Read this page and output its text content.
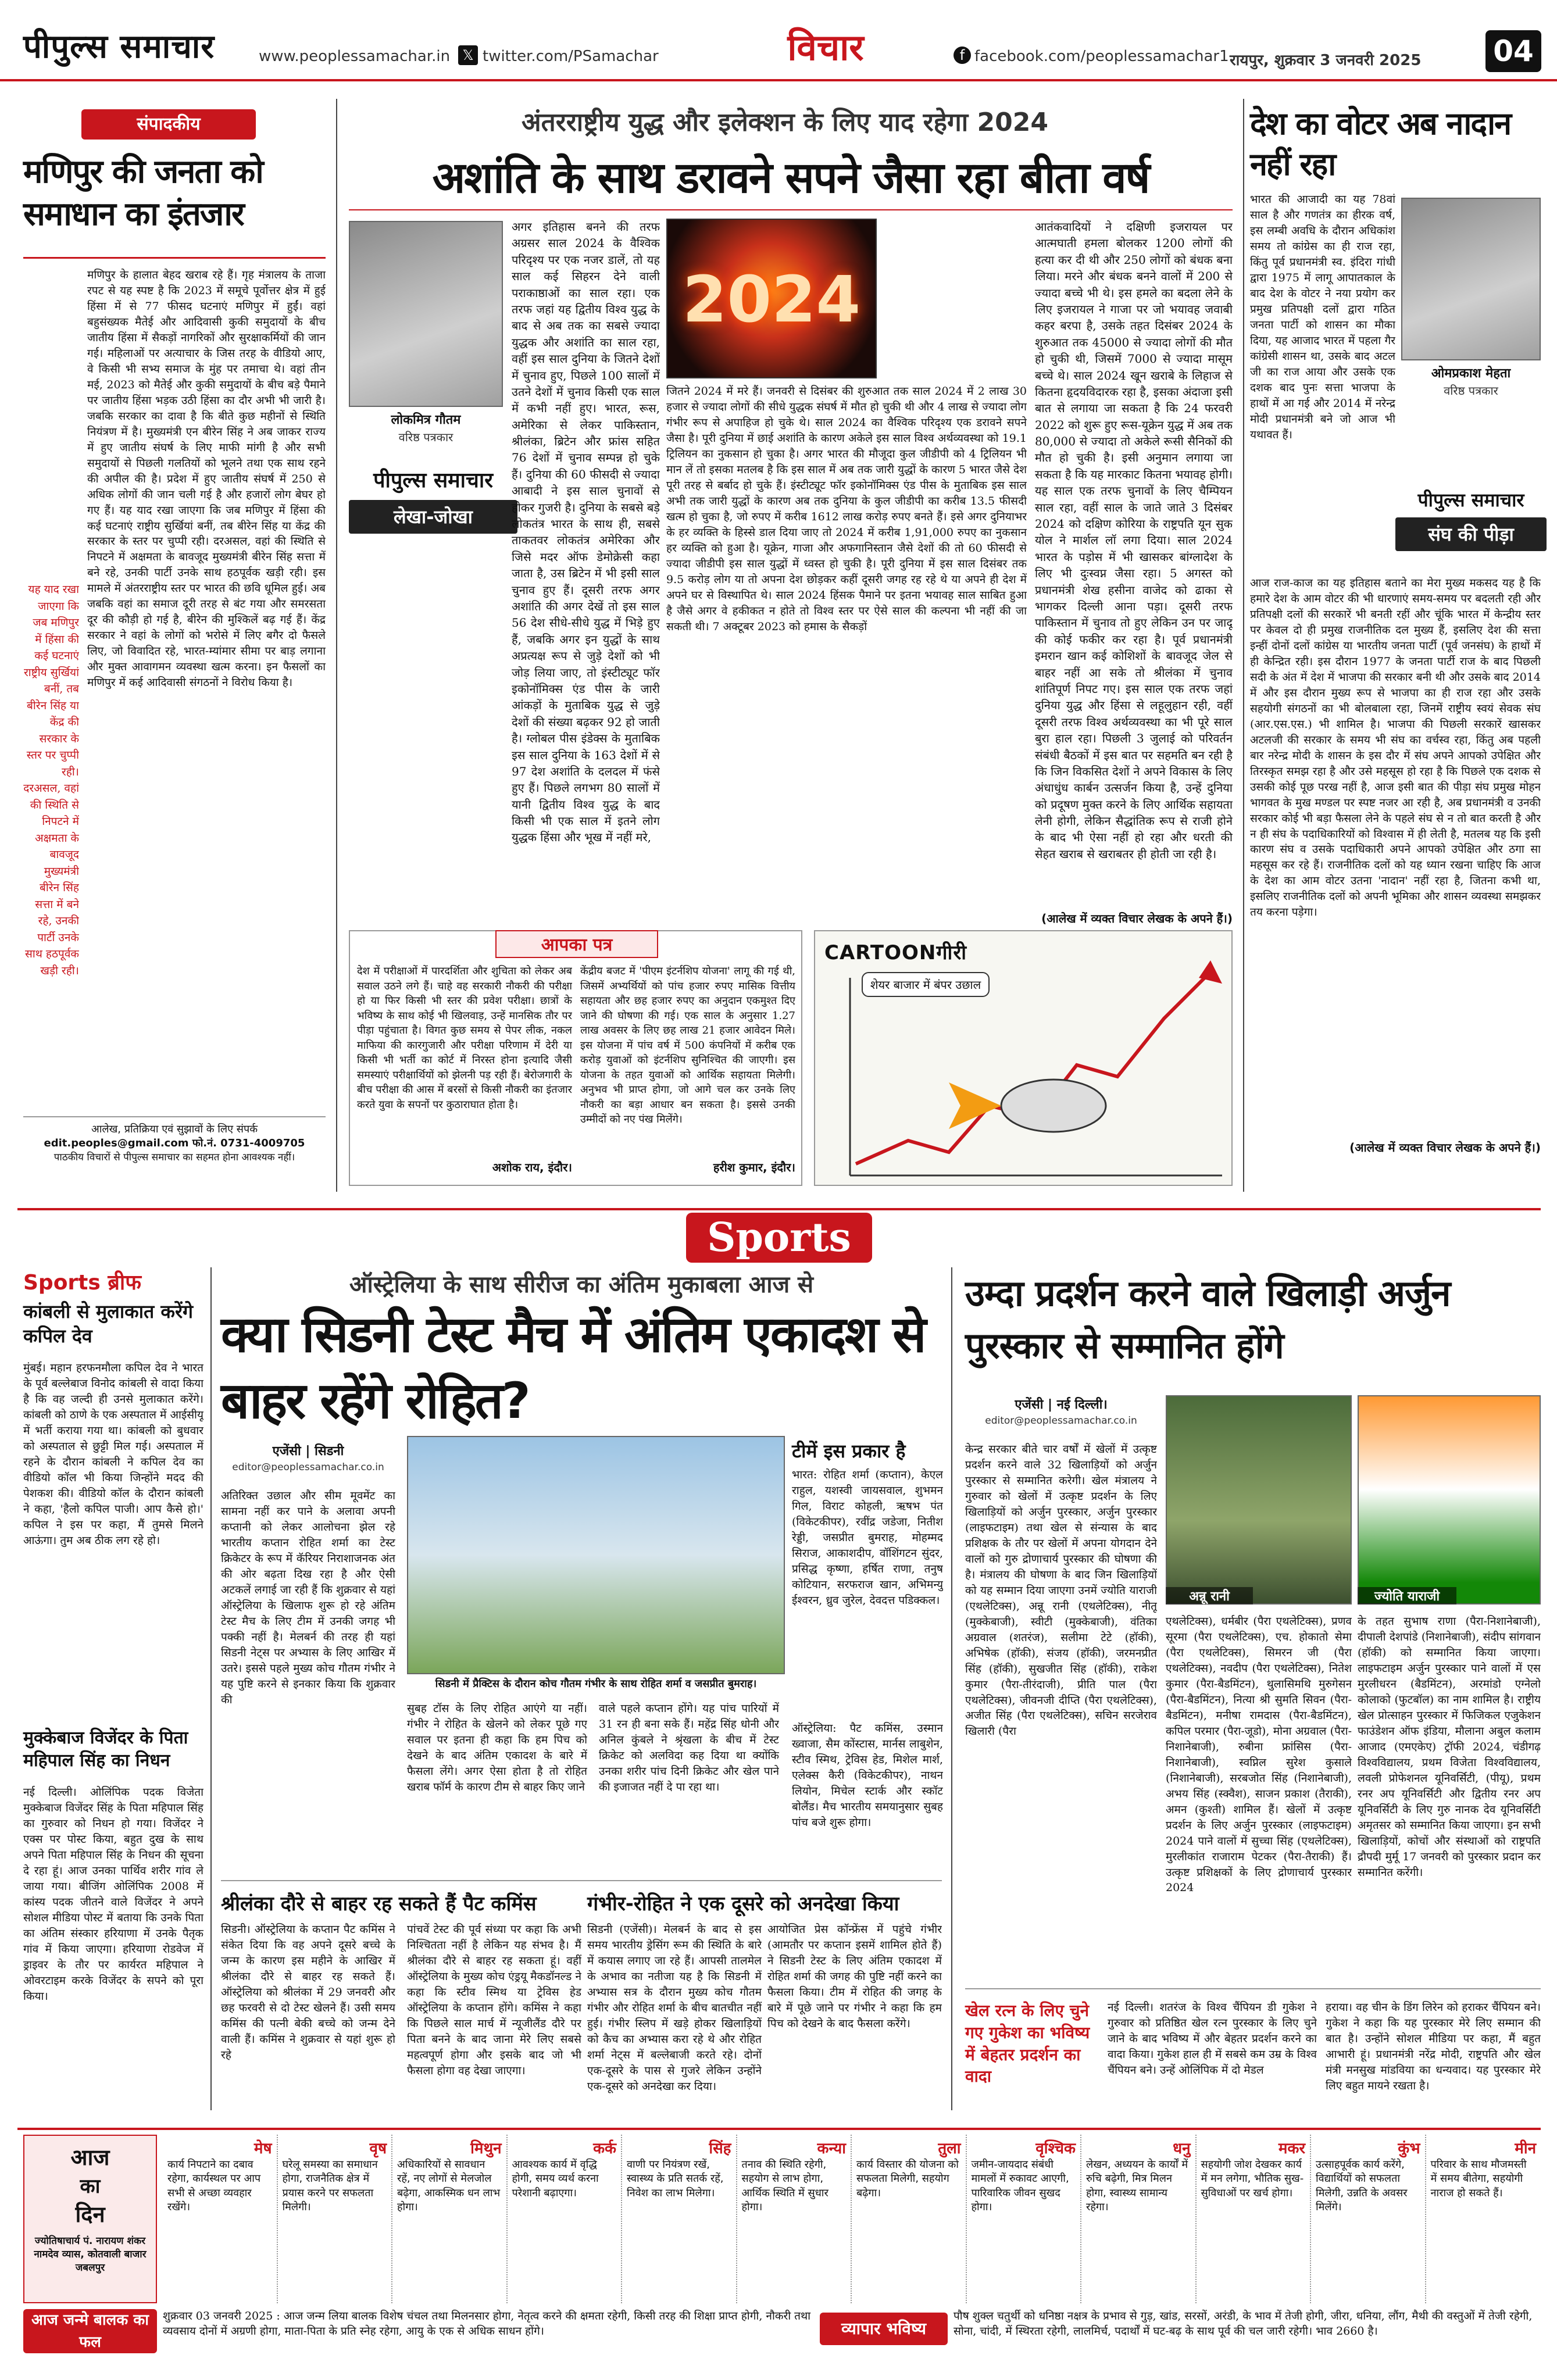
पीपुल्स समाचार	www.peoplessamachar.in 𝕏 twitter.com/PSamachar	विचार	f facebook.com/peoplessamachar1 रायपुर, शुक्रवार 3 जनवरी 2025 04
संपादकीय
मणिपुर की जनता को समाधान का इंतजार
मणिपुर के हालात बेहद खराब रहे हैं। गृह मंत्रालय के ताजा रपट से यह स्पष्ट है कि 2023 में समूचे पूर्वोत्तर क्षेत्र में हुई हिंसा में से 77 फीसद घटनाएं मणिपुर में हुईं। वहां बहुसंख्यक मैतेई और आदिवासी कुकी समुदायों के बीच जातीय हिंसा में सैकड़ों नागरिकों और सुरक्षाकर्मियों की जान गई। महिलाओं पर अत्याचार के जिस तरह के वीडियो आए, वे किसी भी सभ्य समाज के मुंह पर तमाचा थे। वहां तीन मई, 2023 को मैतेई और कुकी समुदायों के बीच बड़े पैमाने पर जातीय हिंसा भड़क उठी हिंसा का दौर अभी भी जारी है। जबकि सरकार का दावा है कि बीते कुछ महीनों से स्थिति नियंत्रण में है। मुख्यमंत्री एन बीरेन सिंह ने अब जाकर राज्य में हुए जातीय संघर्ष के लिए माफी मांगी है और सभी समुदायों से पिछली गलतियों को भूलने तथा एक साथ रहने की अपील की है। प्रदेश में हुए जातीय संघर्ष में 250 से अधिक लोगों की जान चली गई है और हजारों लोग बेघर हो गए हैं। यह याद रखा जाएगा कि जब मणिपुर में हिंसा की कई घटनाएं राष्ट्रीय सुर्खियां बनीं, तब बीरेन सिंह या केंद्र की सरकार के स्तर पर चुप्पी रही। दरअसल, वहां की स्थिति से निपटने में अक्षमता के बावजूद मुख्यमंत्री बीरेन सिंह सत्ता में बने रहे, उनकी पार्टी उनके साथ हठपूर्वक खड़ी रही। इस मामले में अंतरराष्ट्रीय स्तर पर भारत की छवि धूमिल हुई। अब जबकि वहां का समाज दूरी तरह से बंट गया और समरसता दूर की कौड़ी हो गई है, बीरेन की मुश्किलें बढ़ गई हैं। केंद्र सरकार ने वहां के लोगों को भरोसे में लिए बगैर दो फैसले लिए, जो विवादित रहे, भारत-म्यांमार सीमा पर बाड़ लगाना और मुक्त आवागमन व्यवस्था खत्म करना। इन फैसलों का मणिपुर में कई आदिवासी संगठनों ने विरोध किया है।
यह याद रखा जाएगा कि जब मणिपुर में हिंसा की कई घटनाएं राष्ट्रीय सुर्खियां बनीं, तब बीरेन सिंह या केंद्र की सरकार के स्तर पर चुप्पी रही। दरअसल, वहां की स्थिति से निपटने में अक्षमता के बावजूद मुख्यमंत्री बीरेन सिंह सत्ता में बने रहे, उनकी पार्टी उनके साथ हठपूर्वक खड़ी रही।
आलेख, प्रतिक्रिया एवं सुझावों के लिए संपर्क
edit.peoples@gmail.com फो.नं. 0731-4009705
पाठकीय विचारों से पीपुल्स समाचार का सहमत होना आवश्यक नहीं।
अंतरराष्ट्रीय युद्ध और इलेक्शन के लिए याद रहेगा 2024
अशांति के साथ डरावने सपने जैसा रहा बीता वर्ष
लोकमित्र गौतम
वरिष्ठ पत्रकार
पीपुल्स समाचार
लेखा-जोखा
अगर इतिहास बनने की तरफ अग्रसर साल 2024 के वैश्विक परिदृश्य पर एक नजर डालें, तो यह साल कई सिहरन देने वाली पराकाष्ठाओं का साल रहा। एक तरफ जहां यह द्वितीय विश्व युद्ध के बाद से अब तक का सबसे ज्यादा युद्धक और अशांति का साल रहा, वहीं इस साल दुनिया के जितने देशों में चुनाव हुए, पिछले 100 सालों में उतने देशों में चुनाव किसी एक साल में कभी नहीं हुए। भारत, रूस, अमेरिका से लेकर पाकिस्तान, श्रीलंका, ब्रिटेन और फ्रांस सहित 76 देशों में चुनाव सम्पन्न हो चुके हैं। दुनिया की 60 फीसदी से ज्यादा आबादी ने इस साल चुनावों से होकर गुजरी है। दुनिया के सबसे बड़े लोकतंत्र भारत के साथ ही, सबसे ताकतवर लोकतंत्र अमेरिका और जिसे मदर ऑफ डेमोक्रेसी कहा जाता है, उस ब्रिटेन में भी इसी साल चुनाव हुए हैं। दूसरी तरफ अगर अशांति की अगर देखें तो इस साल 56 देश सीधे-सीधे युद्ध में भिड़े हुए हैं, जबकि अगर इन युद्धों के साथ अप्रत्यक्ष रूप से जुड़े देशों को भी जोड़ लिया जाए, तो इंस्टीट्यूट फॉर इकोनॉमिक्स एंड पीस के जारी आंकड़ों के मुताबिक युद्ध से जुड़े देशों की संख्या बढ़कर 92 हो जाती है। ग्लोबल पीस इंडेक्स के मुताबिक इस साल दुनिया के 163 देशों में से 97 देश अशांति के दलदल में फंसे हुए हैं। पिछले लगभग 80 सालों में यानी द्वितीय विश्व युद्ध के बाद किसी भी एक साल में इतने लोग युद्धक हिंसा और भूख में नहीं मरे,
2024
जितने 2024 में मरे हैं। जनवरी से दिसंबर की शुरुआत तक साल 2024 में 2 लाख 30 हजार से ज्यादा लोगों की सीधे युद्धक संघर्ष में मौत हो चुकी थी और 4 लाख से ज्यादा लोग गंभीर रूप से अपाहिज हो चुके थे। साल 2024 का वैश्विक परिदृश्य एक डरावने सपने जैसा है। पूरी दुनिया में छाई अशांति के कारण अकेले इस साल विश्व अर्थव्यवस्था को 19.1 ट्रिलियन का नुकसान हो चुका है। अगर भारत की मौजूदा कुल जीडीपी को 4 ट्रिलियन भी मान लें तो इसका मतलब है कि इस साल में अब तक जारी युद्धों के कारण 5 भारत जैसे देश पूरी तरह से बर्बाद हो चुके हैं। इंस्टीट्यूट फॉर इकोनॉमिक्स एंड पीस के मुताबिक इस साल अभी तक जारी युद्धों के कारण अब तक दुनिया के कुल जीडीपी का करीब 13.5 फीसदी खत्म हो चुका है, जो रुपए में करीब 1612 लाख करोड़ रुपए बनते हैं। इसे अगर दुनियाभर के हर व्यक्ति के हिस्से डाल दिया जाए तो 2024 में करीब 1,91,000 रुपए का नुकसान हर व्यक्ति को हुआ है। यूक्रेन, गाजा और अफगानिस्तान जैसे देशों की तो 60 फीसदी से ज्यादा जीडीपी इस साल युद्धों में ध्वस्त हो चुकी है। पूरी दुनिया में इस साल दिसंबर तक 9.5 करोड़ लोग या तो अपना देश छोड़कर कहीं दूसरी जगह रह रहे थे या अपने ही देश में अपने घर से विस्थापित थे। साल 2024 हिंसक पैमाने पर इतना भयावह साल साबित हुआ है जैसे अगर वे हकीकत न होते तो विश्व स्तर पर ऐसे साल की कल्पना भी नहीं की जा सकती थी। 7 अक्टूबर 2023 को हमास के सैकड़ों
आतंकवादियों ने दक्षिणी इजरायल पर आत्मघाती हमला बोलकर 1200 लोगों की हत्या कर दी थी और 250 लोगों को बंधक बना लिया। मरने और बंधक बनने वालों में 200 से ज्यादा बच्चे भी थे। इस हमले का बदला लेने के लिए इजरायल ने गाजा पर जो भयावह जवाबी कहर बरपा है, उसके तहत दिसंबर 2024 के शुरुआत तक 45000 से ज्यादा लोगों की मौत हो चुकी थी, जिसमें 7000 से ज्यादा मासूम बच्चे थे। साल 2024 खून खराबे के लिहाज से कितना हृदयविदारक रहा है, इसका अंदाजा इसी बात से लगाया जा सकता है कि 24 फरवरी 2022 को शुरू हुए रूस-यूक्रेन युद्ध में अब तक 80,000 से ज्यादा तो अकेले रूसी सैनिकों की मौत हो चुकी है। इसी अनुमान लगाया जा सकता है कि यह मारकाट कितना भयावह होगी। यह साल एक तरफ चुनावों के लिए चैम्पियन साल रहा, वहीं साल के जाते जाते 3 दिसंबर 2024 को दक्षिण कोरिया के राष्ट्रपति यून सुक योल ने मार्शल लॉ लगा दिया। साल 2024 भारत के पड़ोस में भी खासकर बांग्लादेश के लिए भी दुःस्वप्न जैसा रहा। 5 अगस्त को प्रधानमंत्री शेख हसीना वाजेद को ढाका से भागकर दिल्ली आना पड़ा। दूसरी तरफ पाकिस्तान में चुनाव तो हुए लेकिन उन पर जादू की कोई फकीर कर रहा है। पूर्व प्रधानमंत्री इमरान खान कई कोशिशों के बावजूद जेल से बाहर नहीं आ सके तो श्रीलंका में चुनाव शांतिपूर्ण निपट गए। इस साल एक तरफ जहां दुनिया युद्ध और हिंसा से लहूलुहान रही, वहीं दूसरी तरफ विश्व अर्थव्यवस्था का भी पूरे साल बुरा हाल रहा। पिछली 3 जुलाई को परिवर्तन संबंधी बैठकों में इस बात पर सहमति बन रही है कि जिन विकसित देशों ने अपने विकास के लिए अंधाधुंध कार्बन उत्सर्जन किया है, उन्हें दुनिया को प्रदूषण मुक्त करने के लिए आर्थिक सहायता लेनी होगी, लेकिन सैद्धांतिक रूप से राजी होने के बाद भी ऐसा नहीं हो रहा और धरती की सेहत खराब से खराबतर ही होती जा रही है।
(आलेख में व्यक्त विचार लेखक के अपने हैं।)
देश का वोटर अब नादान नहीं रहा
भारत की आजादी का यह 78वां साल है और गणतंत्र का हीरक वर्ष, इस लम्बी अवधि के दौरान अधिकांश समय तो कांग्रेस का ही राज रहा, किंतु पूर्व प्रधानमंत्री स्व. इंदिरा गांधी द्वारा 1975 में लागू आपातकाल के बाद देश के वोटर ने नया प्रयोग कर प्रमुख प्रतिपक्षी दलों द्वारा गठित जनता पार्टी को शासन का मौका दिया, यह आजाद भारत में पहला गैर कांग्रेसी शासन था, उसके बाद अटल जी का राज आया और उसके एक दशक बाद पुनः सत्ता भाजपा के हाथों में आ गई और 2014 में नरेन्द्र मोदी प्रधानमंत्री बने जो आज भी यथावत हैं।
ओमप्रकाश मेहता
वरिष्ठ पत्रकार
पीपुल्स समाचार
संघ की पीड़ा
आज राज-काज का यह इतिहास बताने का मेरा मुख्य मकसद यह है कि हमारे देश के आम वोटर की भी धारणाएं समय-समय पर बदलती रही और प्रतिपक्षी दलों की सरकारें भी बनती रहीं और चूंकि भारत में केन्द्रीय स्तर पर केवल दो ही प्रमुख राजनीतिक दल मुख्य हैं, इसलिए देश की सत्ता इन्हीं दोनों दलों कांग्रेस या भारतीय जनता पार्टी (पूर्व जनसंघ) के हाथों में ही केन्द्रित रही। इस दौरान 1977 के जनता पार्टी राज के बाद पिछली सदी के अंत में देश में भाजपा की सरकार बनी थी और उसके बाद 2014 में और इस दौरान मुख्य रूप से भाजपा का ही राज रहा और उसके सहयोगी संगठनों का भी बोलबाला रहा, जिनमें राष्ट्रीय स्वयं सेवक संघ (आर.एस.एस.) भी शामिल है। भाजपा की पिछली सरकारें खासकर अटलजी की सरकार के समय भी संघ का वर्चस्व रहा, किंतु अब पहली बार नरेन्द्र मोदी के शासन के इस दौर में संघ अपने आपको उपेक्षित और तिरस्कृत समझ रहा है और उसे महसूस हो रहा है कि पिछले एक दशक से उसकी कोई पूछ परख नहीं है, आज इसी बात की पीड़ा संघ प्रमुख मोहन भागवत के मुख मण्डल पर स्पष्ट नजर आ रही है, अब प्रधानमंत्री व उनकी सरकार कोई भी बड़ा फैसला लेने के पहले संघ से न तो बात करती है और न ही संघ के पदाधिकारियों को विश्वास में ही लेती है, मतलब यह कि इसी कारण संघ व उसके पदाधिकारी अपने आपको उपेक्षित और ठगा सा महसूस कर रहे हैं। राजनीतिक दलों को यह ध्यान रखना चाहिए कि आज के देश का आम वोटर उतना 'नादान' नहीं रहा है, जितना कभी था, इसलिए राजनीतिक दलों को अपनी भूमिका और शासन व्यवस्था समझकर तय करना पड़ेगा।
(आलेख में व्यक्त विचार लेखक के अपने हैं।)
आपका पत्र
देश में परीक्षाओं में पारदर्शिता और शुचिता को लेकर अब सवाल उठने लगे हैं। चाहे वह सरकारी नौकरी की परीक्षा हो या फिर किसी भी स्तर की प्रवेश परीक्षा। छात्रों के भविष्य के साथ कोई भी खिलवाड़, उन्हें मानसिक तौर पर पीड़ा पहुंचाता है। विगत कुछ समय से पेपर लीक, नकल माफिया की कारगुजारी और परीक्षा परिणाम में देरी या किसी भी भर्ती का कोर्ट में निरस्त होना इत्यादि जैसी समस्याएं परीक्षार्थियों को झेलनी पड़ रही हैं। बेरोजगारी के बीच परीक्षा की आस में बरसों से किसी नौकरी का इंतजार करते युवा के सपनों पर कुठाराघात होता है।
अशोक राय, इंदौर।
केंद्रीय बजट में 'पीएम इंटर्नशिप योजना' लागू की गई थी, जिसमें अभ्यर्थियों को पांच हजार रुपए मासिक वित्तीय सहायता और छह हजार रुपए का अनुदान एकमुश्त दिए जाने की घोषणा की गई। एक साल के अनुसार 1.27 लाख अवसर के लिए छह लाख 21 हजार आवेदन मिले। इस योजना में पांच वर्ष में 500 कंपनियों में करीब एक करोड़ युवाओं को इंटर्नशिप सुनिश्चित की जाएगी। इस योजना के तहत युवाओं को आर्थिक सहायता मिलेगी। अनुभव भी प्राप्त होगा, जो आगे चल कर उनके लिए नौकरी का बड़ा आधार बन सकता है। इससे उनकी उम्मीदों को नए पंख मिलेंगे।
हरीश कुमार, इंदौर।
CARTOONगीरी
शेयर बाजार में बंपर उछाल
Sports
Sports ब्रीफ
कांबली से मुलाकात करेंगे कपिल देव
मुंबई। महान हरफनमौला कपिल देव ने भारत के पूर्व बल्लेबाज विनोद कांबली से वादा किया है कि वह जल्दी ही उनसे मुलाकात करेंगे। कांबली को ठाणे के एक अस्पताल में आईसीयू में भर्ती कराया गया था। कांबली को बुधवार को अस्पताल से छुट्टी मिल गई। अस्पताल में रहने के दौरान कांबली ने कपिल देव का वीडियो कॉल भी किया जिन्होंने मदद की पेशकश की। वीडियो कॉल के दौरान कांबली ने कहा, 'हैलो कपिल पाजी। आप कैसे हो।' कपिल ने इस पर कहा, मैं तुमसे मिलने आऊंगा। तुम अब ठीक लग रहे हो।
मुक्केबाज विजेंदर के पिता महिपाल सिंह का निधन
नई दिल्ली। ओलिंपिक पदक विजेता मुक्केबाज विजेंदर सिंह के पिता महिपाल सिंह का गुरुवार को निधन हो गया। विजेंदर ने एक्स पर पोस्ट किया, बहुत दुख के साथ अपने पिता महिपाल सिंह के निधन की सूचना दे रहा हूं। आज उनका पार्थिव शरीर गांव ले जाया गया। बीजिंग ओलिंपिक 2008 में कांस्य पदक जीतने वाले विजेंदर ने अपने सोशल मीडिया पोस्ट में बताया कि उनके पिता का अंतिम संस्कार हरियाणा में उनके पैतृक गांव में किया जाएगा। हरियाणा रोडवेज में ड्राइवर के तौर पर कार्यरत महिपाल ने ओवरटाइम करके विजेंदर के सपने को पूरा किया।
ऑस्ट्रेलिया के साथ सीरीज का अंतिम मुकाबला आज से
क्या सिडनी टेस्ट मैच में अंतिम एकादश से बाहर रहेंगे रोहित?
एजेंसी | सिडनी
editor@peoplessamachar.co.in
अतिरिक्त उछाल और सीम मूवमेंट का सामना नहीं कर पाने के अलावा अपनी कप्तानी को लेकर आलोचना झेल रहे भारतीय कप्तान रोहित शर्मा का टेस्ट क्रिकेटर के रूप में कॅरियर निराशाजनक अंत की ओर बढ़ता दिख रहा है और ऐसी अटकलें लगाई जा रही हैं कि शुक्रवार से यहां ऑस्ट्रेलिया के खिलाफ शुरू हो रहे अंतिम टेस्ट मैच के लिए टीम में उनकी जगह भी पक्की नहीं है। मेलबर्न की तरह ही यहां सिडनी नेट्स पर अभ्यास के लिए आखिर में उतरे। इससे पहले मुख्य कोच गौतम गंभीर ने यह पुष्टि करने से इनकार किया कि शुक्रवार की
सिडनी में प्रैक्टिस के दौरान कोच गौतम गंभीर के साथ रोहित शर्मा व जसप्रीत बुमराह।
सुबह टॉस के लिए रोहित आएंगे या नहीं। गंभीर ने रोहित के खेलने को लेकर पूछे गए सवाल पर इतना ही कहा कि हम पिच को देखने के बाद अंतिम एकादश के बारे में फैसला लेंगे। अगर ऐसा होता है तो रोहित खराब फॉर्म के कारण टीम से बाहर किए जाने
वाले पहले कप्तान होंगे। यह पांच पारियों में 31 रन ही बना सके हैं। महेंद्र सिंह धोनी और अनिल कुंबले ने श्रृंखला के बीच में टेस्ट क्रिकेट को अलविदा कह दिया था क्योंकि उनका शरीर पांच दिनी क्रिकेट और खेल पाने की इजाजत नहीं दे पा रहा था।
टीमें इस प्रकार है
भारत: रोहित शर्मा (कप्तान), केएल राहुल, यशस्वी जायसवाल, शुभमन गिल, विराट कोहली, ऋषभ पंत (विकेटकीपर), रवींद्र जडेजा, नितीश रेड्डी, जसप्रीत बुमराह, मोहम्मद सिराज, आकाशदीप, वॉशिंगटन सुंदर, प्रसिद्ध कृष्णा, हर्षित राणा, तनुष कोटियान, सरफराज खान, अभिमन्यु ईश्वरन, ध्रुव जुरेल, देवदत्त पडिक्कल।
ऑस्ट्रेलिया: पैट कमिंस, उस्मान ख्वाजा, सैम कोंस्टास, मार्नस लाबुशेन, स्टीव स्मिथ, ट्रेविस हेड, मिशेल मार्श, एलेक्स कैरी (विकेटकीपर), नाथन लियोन, मिचेल स्टार्क और स्कॉट बोलैंड। मैच भारतीय समयानुसार सुबह पांच बजे शुरू होगा।
श्रीलंका दौरे से बाहर रह सकते हैं पैट कमिंस
सिडनी। ऑस्ट्रेलिया के कप्तान पैट कमिंस ने संकेत दिया कि वह अपने दूसरे बच्चे के जन्म के कारण इस महीने के आखिर में श्रीलंका दौरे से बाहर रह सकते हैं। ऑस्ट्रेलिया को श्रीलंका में 29 जनवरी और छह फरवरी से दो टेस्ट खेलने हैं। उसी समय कमिंस की पत्नी बेकी बच्चे को जन्म देने वाली हैं। कमिंस ने शुक्रवार से यहां शुरू हो रहे
पांचवें टेस्ट की पूर्व संध्या पर कहा कि अभी निश्चितता नहीं है लेकिन यह संभव है। मैं श्रीलंका दौरे से बाहर रह सकता हूं। वहीं ऑस्ट्रेलिया के मुख्य कोच एंड्रयू मैकडॉनल्ड ने कहा कि स्टीव स्मिथ या ट्रेविस हेड ऑस्ट्रेलिया के कप्तान होंगे। कमिंस ने कहा कि पिछले साल मार्च में न्यूजीलैंड दौरे पर पिता बनने के बाद जाना मेरे लिए सबसे महत्वपूर्ण होगा और इसके बाद जो भी फैसला होगा वह देखा जाएगा।
गंभीर-रोहित ने एक दूसरे को अनदेखा किया
सिडनी (एजेंसी)। मेलबर्न के बाद से इस समय भारतीय ड्रेसिंग रूम की स्थिति के बारे में कयास लगाए जा रहे हैं। आपसी तालमेल के अभाव का नतीजा यह है कि सिडनी में अभ्यास सत्र के दौरान मुख्य कोच गौतम गंभीर और रोहित शर्मा के बीच बातचीत नहीं हुई। गंभीर स्लिप में खड़े होकर खिलाड़ियों को कैच का अभ्यास करा रहे थे और रोहित शर्मा नेट्स में बल्लेबाजी करते रहे। दोनों एक-दूसरे के पास से गुजरे लेकिन उन्होंने एक-दूसरे को अनदेखा कर दिया।
आयोजित प्रेस कॉन्फ्रेंस में पहुंचे गंभीर (आमतौर पर कप्तान इसमें शामिल होते हैं) ने सिडनी टेस्ट के लिए अंतिम एकादश में रोहित शर्मा की जगह की पुष्टि नहीं करने का फैसला किया। टीम में रोहित की जगह के बारे में पूछे जाने पर गंभीर ने कहा कि हम पिच को देखने के बाद फैसला करेंगे।
उम्दा प्रदर्शन करने वाले खिलाड़ी अर्जुन पुरस्कार से सम्मानित होंगे
एजेंसी | नई दिल्ली।
editor@peoplessamachar.co.in
केन्द्र सरकार बीते चार वर्षों में खेलों में उत्कृष्ट प्रदर्शन करने वाले 32 खिलाड़ियों को अर्जुन पुरस्कार से सम्मानित करेगी। खेल मंत्रालय ने गुरुवार को खेलों में उत्कृष्ट प्रदर्शन के लिए खिलाड़ियों को अर्जुन पुरस्कार, अर्जुन पुरस्कार (लाइफटाइम) तथा खेल से संन्यास के बाद प्रशिक्षक के तौर पर खेलों में अपना योगदान देने वालों को गुरु द्रोणाचार्य पुरस्कार की घोषणा की है। मंत्रालय की घोषणा के बाद जिन खिलाड़ियों को यह सम्मान दिया जाएगा उनमें ज्योति याराजी (एथलेटिक्स), अन्नू रानी (एथलेटिक्स), नीतू (मुक्केबाजी), स्वीटी (मुक्केबाजी), वंतिका अग्रवाल (शतरंज), सलीमा टेटे (हॉकी), अभिषेक (हॉकी), संजय (हॉकी), जरमनप्रीत सिंह (हॉकी), सुखजीत सिंह (हॉकी), राकेश कुमार (पैरा-तीरंदाजी), प्रीति पाल (पैरा एथलेटिक्स), जीवनजी दीप्ति (पैरा एथलेटिक्स), अजीत सिंह (पैरा एथलेटिक्स), सचिन सरजेराव खिलारी (पैरा
अन्नू रानी	ज्योति याराजी
एथलेटिक्स), धर्मबीर (पैरा एथलेटिक्स), प्रणव सूरमा (पैरा एथलेटिक्स), एच. होकातो सेमा (पैरा एथलेटिक्स), सिमरन जी (पैरा एथलेटिक्स), नवदीप (पैरा एथलेटिक्स), नितेश कुमार (पैरा-बैडमिंटन), थुलासिमथि मुरुगेसन (पैरा-बैडमिंटन), नित्या श्री सुमति सिवन (पैरा-बैडमिंटन), मनीषा रामदास (पैरा-बैडमिंटन), कपिल परमार (पैरा-जूडो), मोना अग्रवाल (पैरा-निशानेबाजी), रुबीना फ्रांसिस (पैरा-निशानेबाजी), स्वप्निल सुरेश कुसाले (निशानेबाजी), सरबजोत सिंह (निशानेबाजी), अभय सिंह (स्क्वैश), साजन प्रकाश (तैराकी), अमन (कुश्ती) शामिल हैं। खेलों में उत्कृष्ट प्रदर्शन के लिए अर्जुन पुरस्कार (लाइफटाइम) 2024 पाने वालों में सुच्चा सिंह (एथलेटिक्स), मुरलीकांत राजाराम पेटकर (पैरा-तैराकी) हैं। उत्कृष्ट प्रशिक्षकों के लिए द्रोणाचार्य पुरस्कार 2024
के तहत सुभाष राणा (पैरा-निशानेबाजी), दीपाली देशपांडे (निशानेबाजी), संदीप सांगवान (हॉकी) को सम्मानित किया जाएगा। लाइफटाइम अर्जुन पुरस्कार पाने वालों में एस मुरलीधरन (बैडमिंटन), अरमांडो एग्नेलो कोलाको (फुटबॉल) का नाम शामिल है। राष्ट्रीय खेल प्रोत्साहन पुरस्कार में फिजिकल एजुकेशन फाउंडेशन ऑफ इंडिया, मौलाना अबुल कलाम आजाद (एमएकेए) ट्रॉफी 2024, चंडीगढ़ विश्वविद्यालय, प्रथम विजेता विश्वविद्यालय, लवली प्रोफेशनल यूनिवर्सिटी, (पीयू), प्रथम रनर अप यूनिवर्सिटी और द्वितीय रनर अप यूनिवर्सिटी के लिए गुरु नानक देव यूनिवर्सिटी अमृतसर को सम्मानित किया जाएगा। इन सभी खिलाड़ियों, कोचों और संस्थाओं को राष्ट्रपति द्रौपदी मुर्मू 17 जनवरी को पुरस्कार प्रदान कर सम्मानित करेंगी।
खेल रत्न के लिए चुने गए गुकेश का भविष्य में बेहतर प्रदर्शन का वादा
नई दिल्ली। शतरंज के विश्व चैंपियन डी गुकेश ने गुरुवार को प्रतिष्ठित खेल रत्न पुरस्कार के लिए चुने जाने के बाद भविष्य में और बेहतर प्रदर्शन करने का वादा किया। गुकेश हाल ही में सबसे कम उम्र के विश्व चैंपियन बने। उन्हें ओलिंपिक में दो मेडल
हराया। वह चीन के डिंग लिरेन को हराकर चैंपियन बने। गुकेश ने कहा कि यह पुरस्कार मेरे लिए सम्मान की बात है। उन्होंने सोशल मीडिया पर कहा, मैं बहुत आभारी हूं। प्रधानमंत्री नरेंद्र मोदी, राष्ट्रपति और खेल मंत्री मनसुख मांडविया का धन्यवाद। यह पुरस्कार मेरे लिए बहुत मायने रखता है।
आज
का
दिन
ज्योतिषाचार्य पं. नारायण शंकर नामदेव व्यास, कोतवाली बाजार जबलपुर
मेष
कार्य निपटाने का दबाव रहेगा, कार्यस्थल पर आप सभी से अच्छा व्यवहार रखेंगे।
वृष
घरेलू समस्या का समाधान होगा, राजनैतिक क्षेत्र में प्रयास करने पर सफलता मिलेगी।
मिथुन
अधिकारियों से सावधान रहें, नए लोगों से मेलजोल बढ़ेगा, आकस्मिक धन लाभ होगा।
कर्क
आवश्यक कार्य में वृद्धि होगी, समय व्यर्थ करना परेशानी बढ़ाएगा।
सिंह
वाणी पर नियंत्रण रखें, स्वास्थ्य के प्रति सतर्क रहें, निवेश का लाभ मिलेगा।
कन्या
तनाव की स्थिति रहेगी, सहयोग से लाभ होगा, आर्थिक स्थिति में सुधार होगा।
तुला
कार्य विस्तार की योजना को सफलता मिलेगी, सहयोग बढ़ेगा।
वृश्चिक
जमीन-जायदाद संबंधी मामलों में रुकावट आएगी, पारिवारिक जीवन सुखद होगा।
धनु
लेखन, अध्ययन के कार्यों में रुचि बढ़ेगी, मित्र मिलन होगा, स्वास्थ्य सामान्य रहेगा।
मकर
सहयोगी जोश देखकर कार्य में मन लगेगा, भौतिक सुख-सुविधाओं पर खर्च होगा।
कुंभ
उत्साहपूर्वक कार्य करेंगे, विद्यार्थियों को सफलता मिलेगी, उन्नति के अवसर मिलेंगे।
मीन
परिवार के साथ मौजमस्ती में समय बीतेगा, सहयोगी नाराज हो सकते हैं।
आज जन्मे बालक का फल
शुक्रवार 03 जनवरी 2025 : आज जन्म लिया बालक विशेष चंचल तथा मिलनसार होगा, नेतृत्व करने की क्षमता रहेगी, किसी तरह की शिक्षा प्राप्त होगी, नौकरी तथा व्यवसाय दोनों में अग्रणी होगा, माता-पिता के प्रति स्नेह रहेगा, आयु के एक से अधिक साधन होंगे।	व्यापार भविष्य
पौष शुक्ल चतुर्थी को धनिष्ठा नक्षत्र के प्रभाव से गुड़, खांड, सरसों, अरंडी, के भाव में तेजी होगी, जीरा, धनिया, लौंग, मैथी की वस्तुओं में तेजी रहेगी, सोना, चांदी, में स्थिरता रहेगी, लालमिर्च, पदार्थों में घट-बढ़ के साथ पूर्व की चल जारी रहेगी। भाव 2660 है।
